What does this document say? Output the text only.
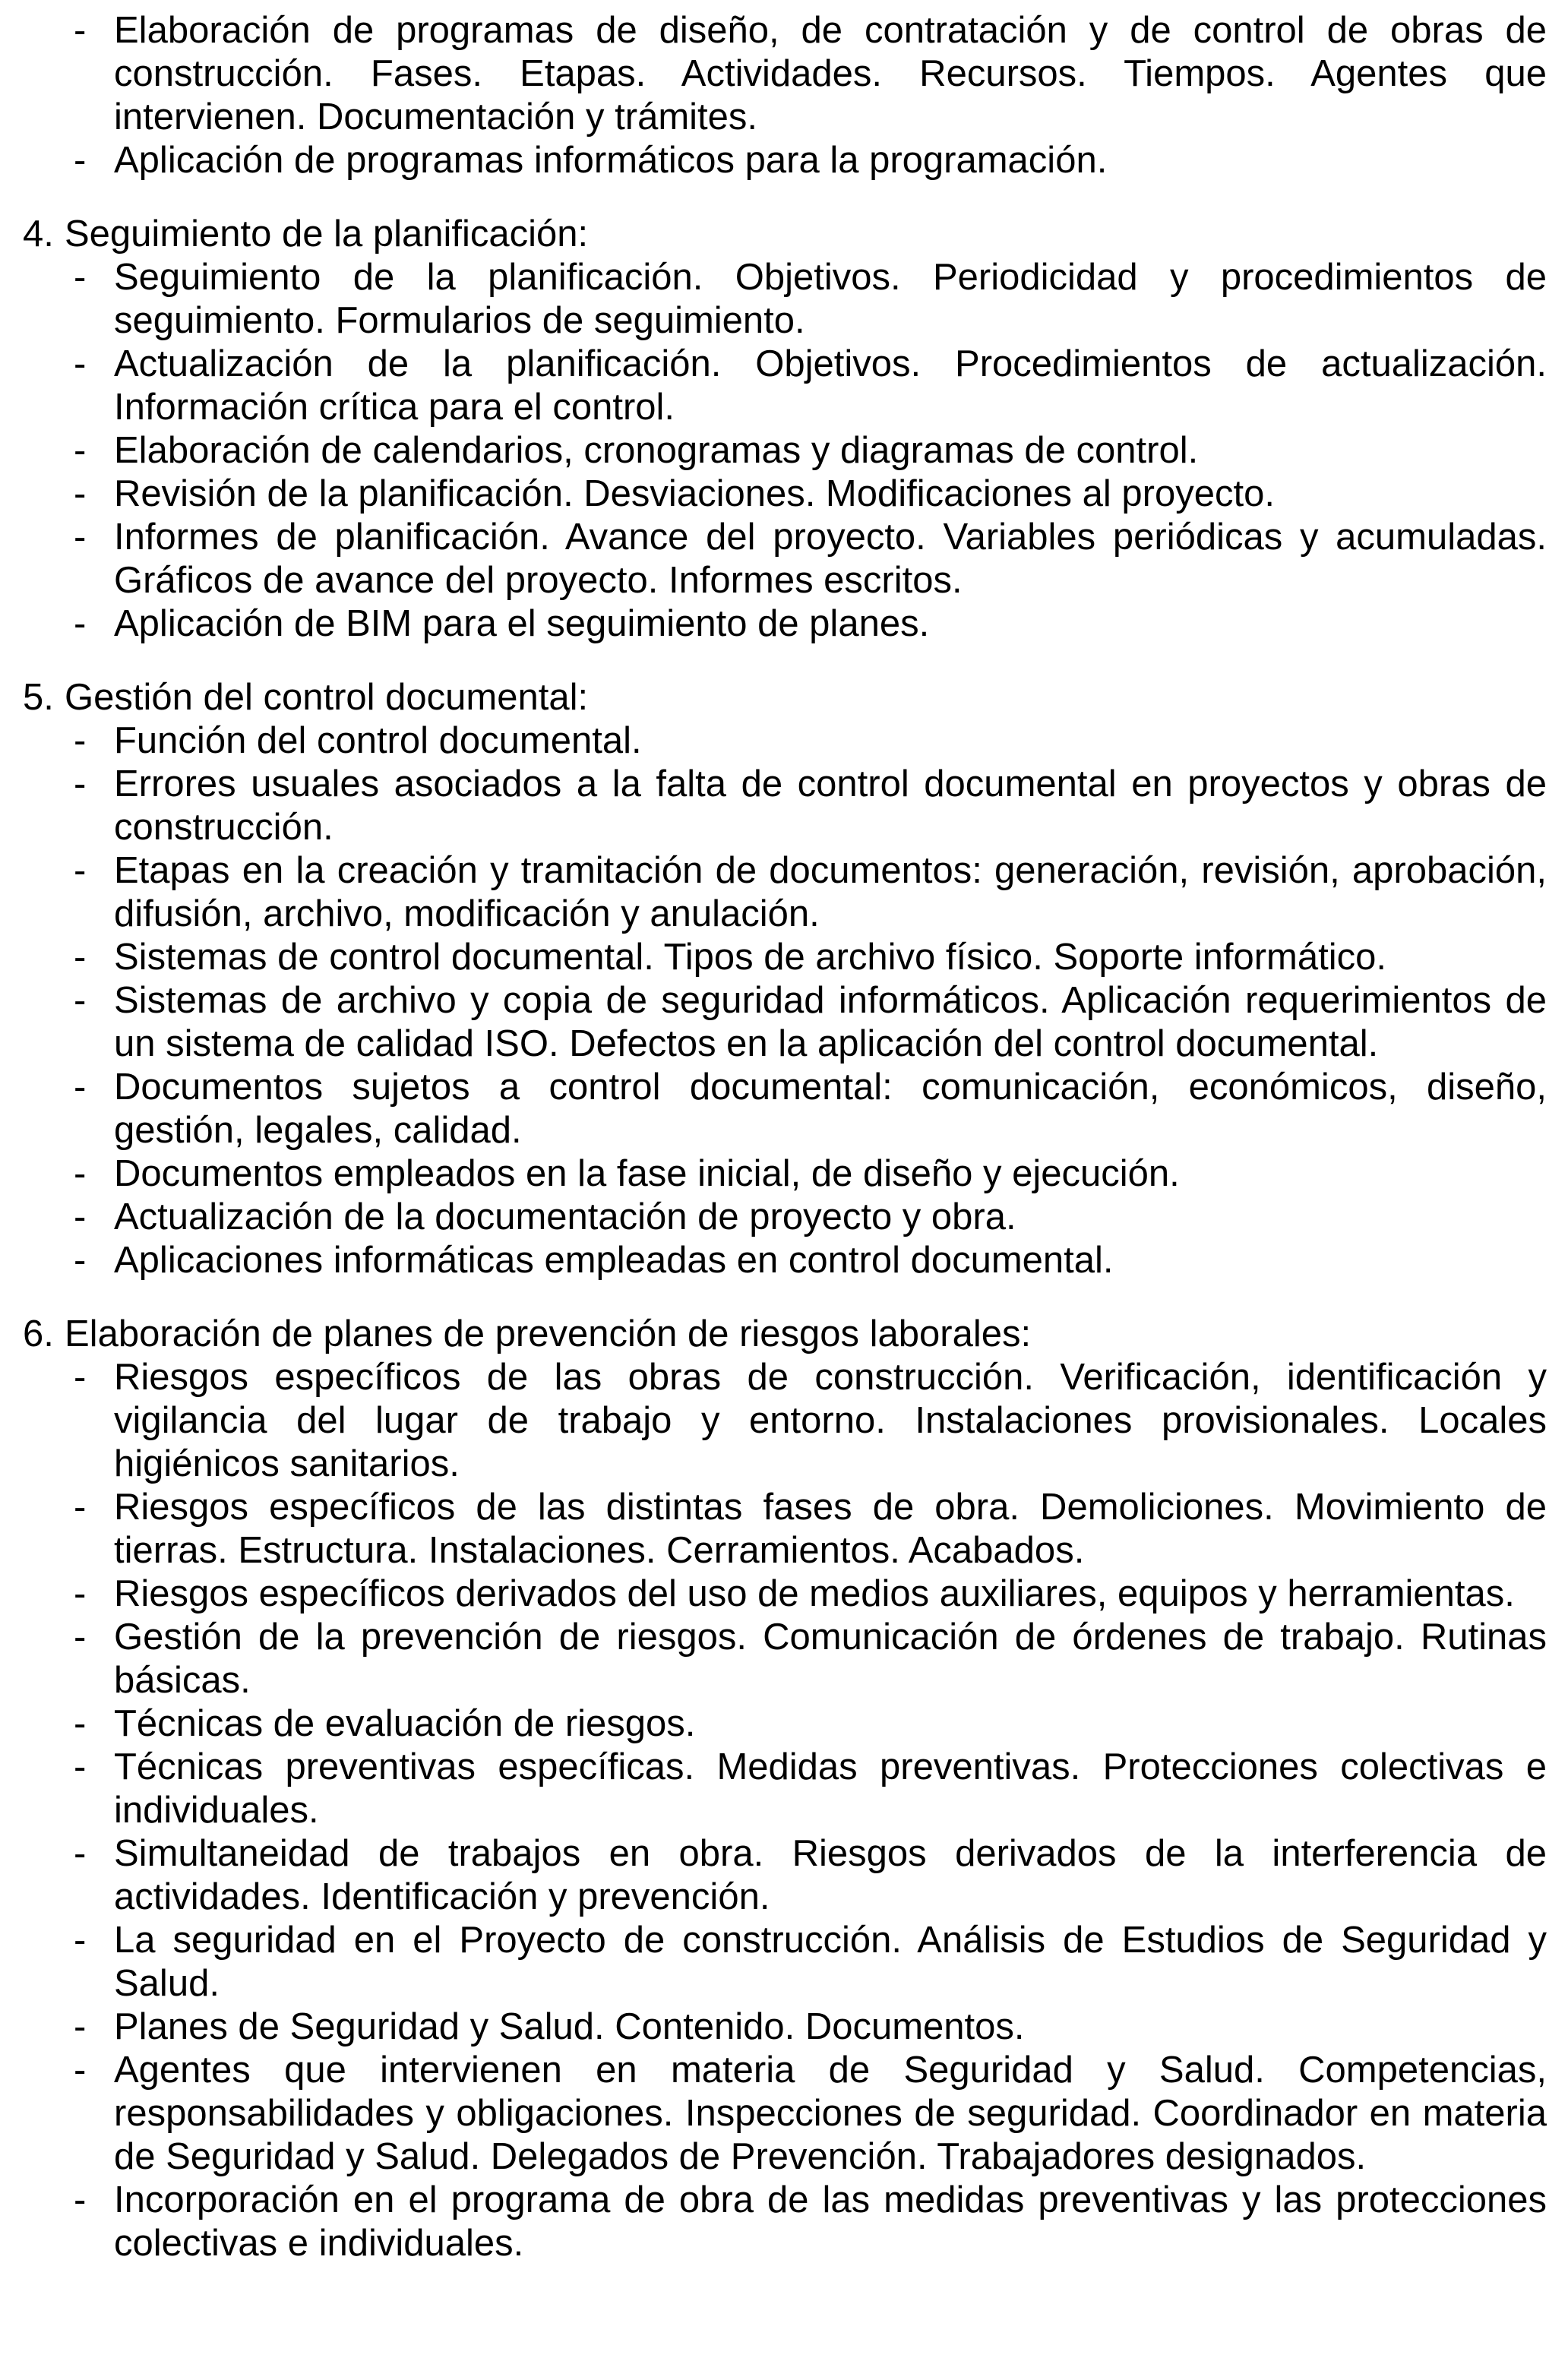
- Elaboración de programas de diseño, de contratación y de control de obras de construcción. Fases. Etapas. Actividades. Recursos. Tiempos. Agentes que intervienen. Documentación y trámites.
- Aplicación de programas informáticos para la programación.
4. Seguimiento de la planificación:
- Seguimiento de la planificación. Objetivos. Periodicidad y procedimientos de seguimiento. Formularios de seguimiento.
- Actualización de la planificación. Objetivos. Procedimientos de actualización. Información crítica para el control.
- Elaboración de calendarios, cronogramas y diagramas de control.
- Revisión de la planificación. Desviaciones. Modificaciones al proyecto.
- Informes de planificación. Avance del proyecto. Variables periódicas y acumuladas. Gráficos de avance del proyecto. Informes escritos.
- Aplicación de BIM para el seguimiento de planes.
5. Gestión del control documental:
- Función del control documental.
- Errores usuales asociados a la falta de control documental en proyectos y obras de construcción.
- Etapas en la creación y tramitación de documentos: generación, revisión, aprobación, difusión, archivo, modificación y anulación.
- Sistemas de control documental. Tipos de archivo físico. Soporte informático.
- Sistemas de archivo y copia de seguridad informáticos. Aplicación requerimientos de un sistema de calidad ISO. Defectos en la aplicación del control documental.
- Documentos sujetos a control documental: comunicación, económicos, diseño, gestión, legales, calidad.
- Documentos empleados en la fase inicial, de diseño y ejecución.
- Actualización de la documentación de proyecto y obra.
- Aplicaciones informáticas empleadas en control documental.
6. Elaboración de planes de prevención de riesgos laborales:
- Riesgos específicos de las obras de construcción. Verificación, identificación y vigilancia del lugar de trabajo y entorno. Instalaciones provisionales. Locales higiénicos sanitarios.
- Riesgos específicos de las distintas fases de obra. Demoliciones. Movimiento de tierras. Estructura. Instalaciones. Cerramientos. Acabados.
- Riesgos específicos derivados del uso de medios auxiliares, equipos y herramientas.
- Gestión de la prevención de riesgos. Comunicación de órdenes de trabajo. Rutinas básicas.
- Técnicas de evaluación de riesgos.
- Técnicas preventivas específicas. Medidas preventivas. Protecciones colectivas e individuales.
- Simultaneidad de trabajos en obra. Riesgos derivados de la interferencia de actividades. Identificación y prevención.
- La seguridad en el Proyecto de construcción. Análisis de Estudios de Seguridad y Salud.
- Planes de Seguridad y Salud. Contenido. Documentos.
- Agentes que intervienen en materia de Seguridad y Salud. Competencias, responsabilidades y obligaciones. Inspecciones de seguridad. Coordinador en materia de Seguridad y Salud. Delegados de Prevención. Trabajadores designados.
- Incorporación en el programa de obra de las medidas preventivas y las protecciones colectivas e individuales.
